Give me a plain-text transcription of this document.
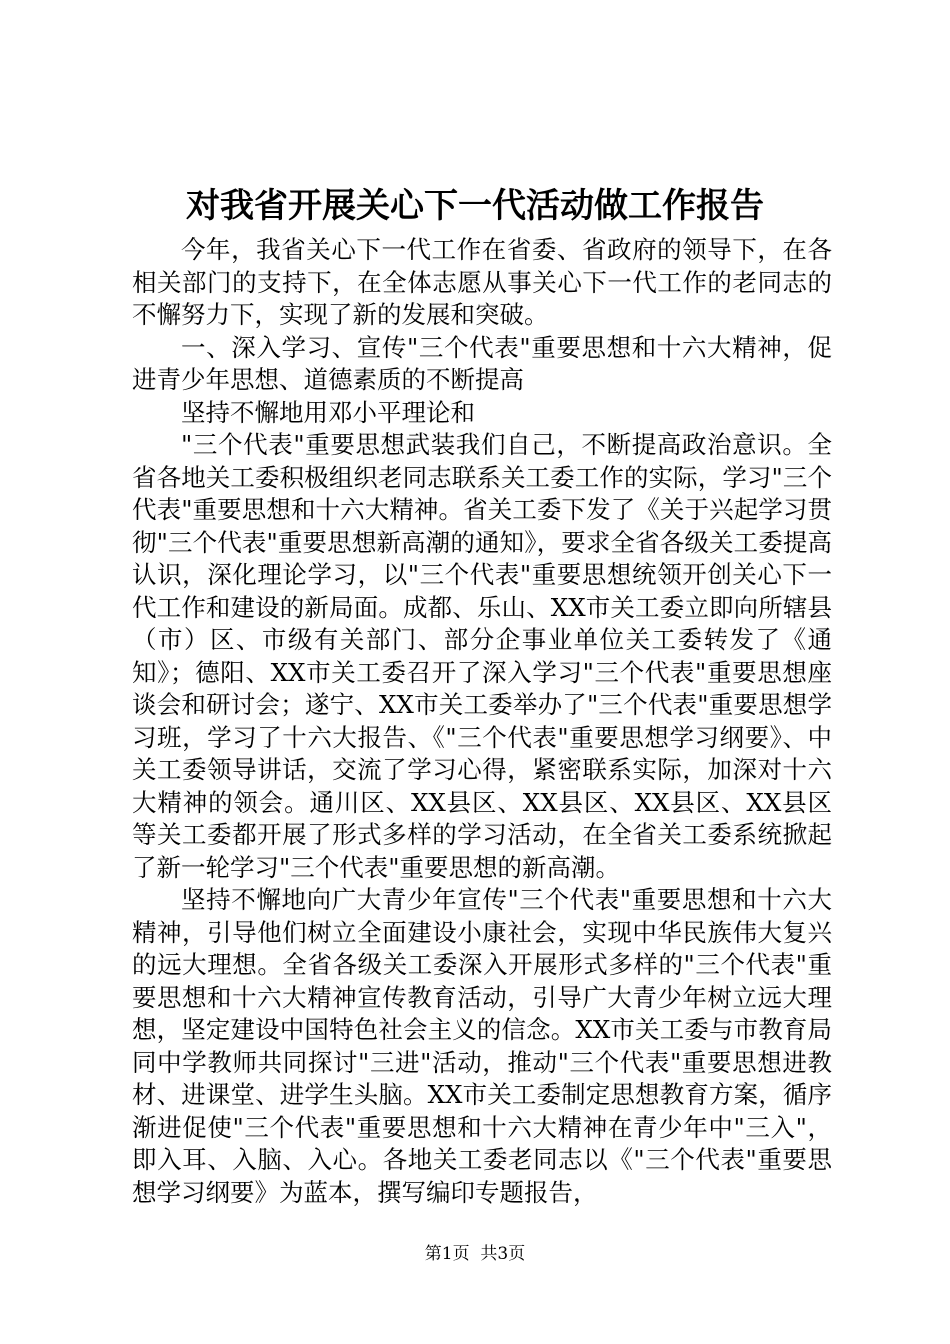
对我省开展关心下一代活动做工作报告

今年，我省关心下一代工作在省委、省政府的领导下，在各相关部门的支持下，在全体志愿从事关心下一代工作的老同志的不懈努力下，实现了新的发展和突破。

一、深入学习、宣传"三个代表"重要思想和十六大精神，促进青少年思想、道德素质的不断提高

坚持不懈地用邓小平理论和

"三个代表"重要思想武装我们自己，不断提高政治意识。全省各地关工委积极组织老同志联系关工委工作的实际，学习"三个代表"重要思想和十六大精神。省关工委下发了《关于兴起学习贯彻"三个代表"重要思想新高潮的通知》，要求全省各级关工委提高认识，深化理论学习，以"三个代表"重要思想统领开创关心下一代工作和建设的新局面。成都、乐山、XX市关工委立即向所辖县（市）区、市级有关部门、部分企事业单位关工委转发了《通知》；德阳、XX市关工委召开了深入学习"三个代表"重要思想座谈会和研讨会；遂宁、XX市关工委举办了"三个代表"重要思想学习班，学习了十六大报告、《"三个代表"重要思想学习纲要》、中关工委领导讲话，交流了学习心得，紧密联系实际，加深对十六大精神的领会。通川区、XX县区、XX县区、XX县区、XX县区等关工委都开展了形式多样的学习活动，在全省关工委系统掀起了新一轮学习"三个代表"重要思想的新高潮。

坚持不懈地向广大青少年宣传"三个代表"重要思想和十六大精神，引导他们树立全面建设小康社会，实现中华民族伟大复兴的远大理想。全省各级关工委深入开展形式多样的"三个代表"重要思想和十六大精神宣传教育活动，引导广大青少年树立远大理想，坚定建设中国特色社会主义的信念。XX市关工委与市教育局同中学教师共同探讨"三进"活动，推动"三个代表"重要思想进教材、进课堂、进学生头脑。XX市关工委制定思想教育方案，循序渐进促使"三个代表"重要思想和十六大精神在青少年中"三入"，即入耳、入脑、入心。各地关工委老同志以《"三个代表"重要思想学习纲要》为蓝本，撰写编印专题报告，

第1页 共3页
